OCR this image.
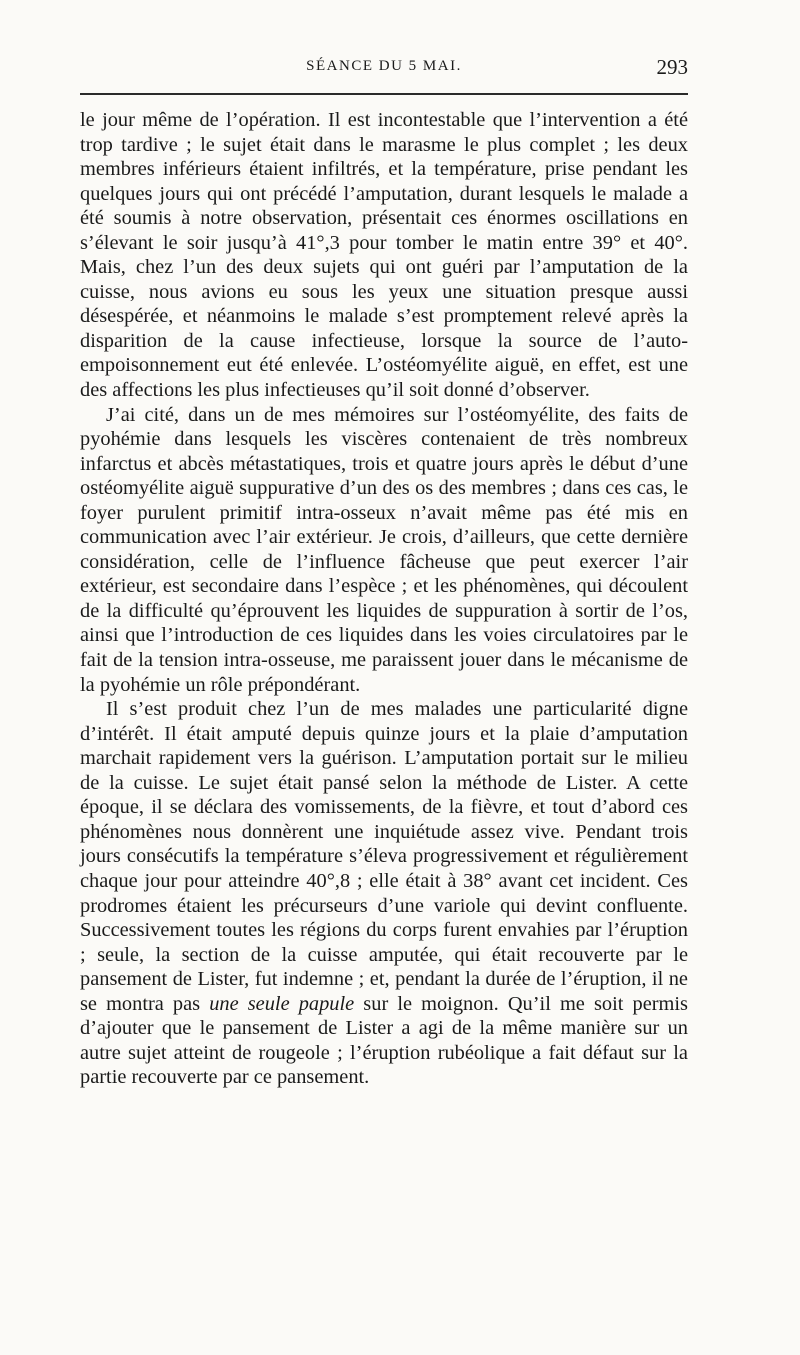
SÉANCE DU 5 MAI.	293

le jour même de l’opération. Il est incontestable que l’intervention a été trop tardive ; le sujet était dans le marasme le plus complet ; les deux membres inférieurs étaient infiltrés, et la température, prise pendant les quelques jours qui ont précédé l’amputation, durant lesquels le malade a été soumis à notre observation, présentait ces énormes oscillations en s’élevant le soir jusqu’à 41°,3 pour tomber le matin entre 39° et 40°. Mais, chez l’un des deux sujets qui ont guéri par l’amputation de la cuisse, nous avions eu sous les yeux une situation presque aussi désespérée, et néanmoins le malade s’est promptement relevé après la disparition de la cause infectieuse, lorsque la source de l’auto-empoisonnement eut été enlevée. L’ostéomyélite aiguë, en effet, est une des affections les plus infectieuses qu’il soit donné d’observer.

J’ai cité, dans un de mes mémoires sur l’ostéomyélite, des faits de pyohémie dans lesquels les viscères contenaient de très nombreux infarctus et abcès métastatiques, trois et quatre jours après le début d’une ostéomyélite aiguë suppurative d’un des os des membres ; dans ces cas, le foyer purulent primitif intra-osseux n’avait même pas été mis en communication avec l’air extérieur. Je crois, d’ailleurs, que cette dernière considération, celle de l’influence fâcheuse que peut exercer l’air extérieur, est secondaire dans l’espèce ; et les phénomènes, qui découlent de la difficulté qu’éprouvent les liquides de suppuration à sortir de l’os, ainsi que l’introduction de ces liquides dans les voies circulatoires par le fait de la tension intra-osseuse, me paraissent jouer dans le mécanisme de la pyohémie un rôle prépondérant.

Il s’est produit chez l’un de mes malades une particularité digne d’intérêt. Il était amputé depuis quinze jours et la plaie d’amputation marchait rapidement vers la guérison. L’amputation portait sur le milieu de la cuisse. Le sujet était pansé selon la méthode de Lister. A cette époque, il se déclara des vomissements, de la fièvre, et tout d’abord ces phénomènes nous donnèrent une inquiétude assez vive. Pendant trois jours consécutifs la température s’éleva progressivement et régulièrement chaque jour pour atteindre 40°,8 ; elle était à 38° avant cet incident. Ces prodromes étaient les précurseurs d’une variole qui devint confluente. Successivement toutes les régions du corps furent envahies par l’éruption ; seule, la section de la cuisse amputée, qui était recouverte par le pansement de Lister, fut indemne ; et, pendant la durée de l’éruption, il ne se montra pas une seule papule sur le moignon. Qu’il me soit permis d’ajouter que le pansement de Lister a agi de la même manière sur un autre sujet atteint de rougeole ; l’éruption rubéolique a fait défaut sur la partie recouverte par ce pansement.
